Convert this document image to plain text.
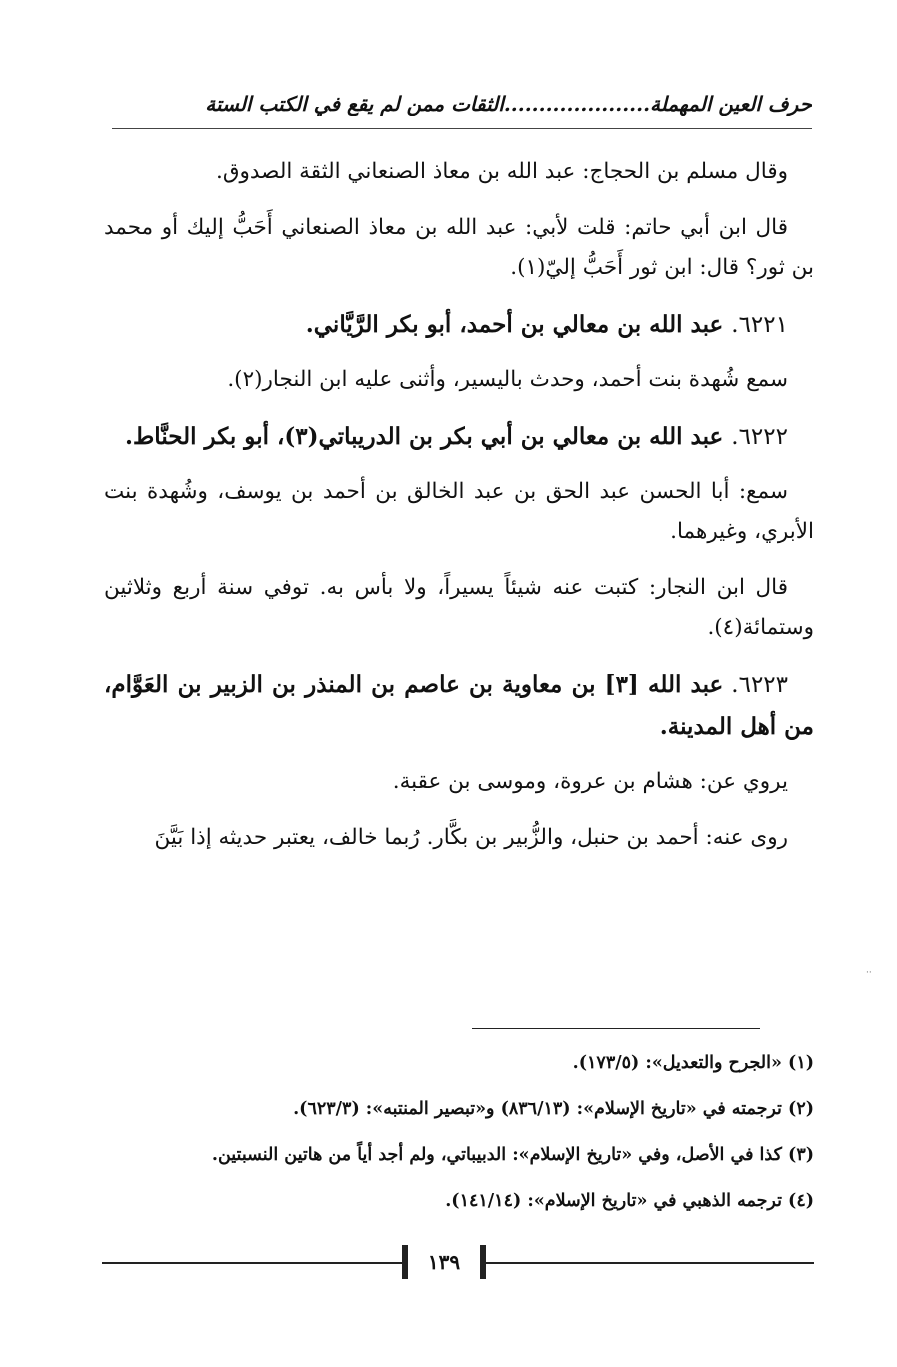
حرف العين المهملة.....................الثقات ممن لم يقع في الكتب الستة

وقال مسلم بن الحجاج: عبد الله بن معاذ الصنعاني الثقة الصدوق.

قال ابن أبي حاتم: قلت لأبي: عبد الله بن معاذ الصنعاني أَحَبُّ إليك أو محمد بن ثور؟ قال: ابن ثور أَحَبُّ إليّ(١).

٦٢٢١.عبد الله بن معالي بن أحمد، أبو بكر الرَّيَّاني.

سمع شُهدة بنت أحمد، وحدث باليسير، وأثنى عليه ابن النجار(٢).

٦٢٢٢.عبد الله بن معالي بن أبي بكر بن الدريباتي(٣)، أبو بكر الحنَّاط.

سمع: أبا الحسن عبد الحق بن عبد الخالق بن أحمد بن يوسف، وشُهدة بنت الأبري، وغيرهما.

قال ابن النجار: كتبت عنه شيئاً يسيراً، ولا بأس به. توفي سنة أربع وثلاثين وستمائة(٤).

٦٢٢٣.عبد الله [٣] بن معاوية بن عاصم بن المنذر بن الزبير بن العَوَّام، من أهل المدينة.

يروي عن: هشام بن عروة، وموسى بن عقبة.

روى عنه: أحمد بن حنبل، والزُّبير بن بكَّار. رُبما خالف، يعتبر حديثه إذا بَيَّنَ

(١) «الجرح والتعديل»: (١٧٣/٥).

(٢) ترجمته في «تاريخ الإسلام»: (٨٣٦/١٣) و«تبصير المنتبه»: (٦٢٣/٣).

(٣) كذا في الأصل، وفي «تاريخ الإسلام»: الدبيباتي، ولم أجد أياً من هاتين النسبتين.

(٤) ترجمه الذهبي في «تاريخ الإسلام»: (١٤١/١٤).

١٣٩
··
